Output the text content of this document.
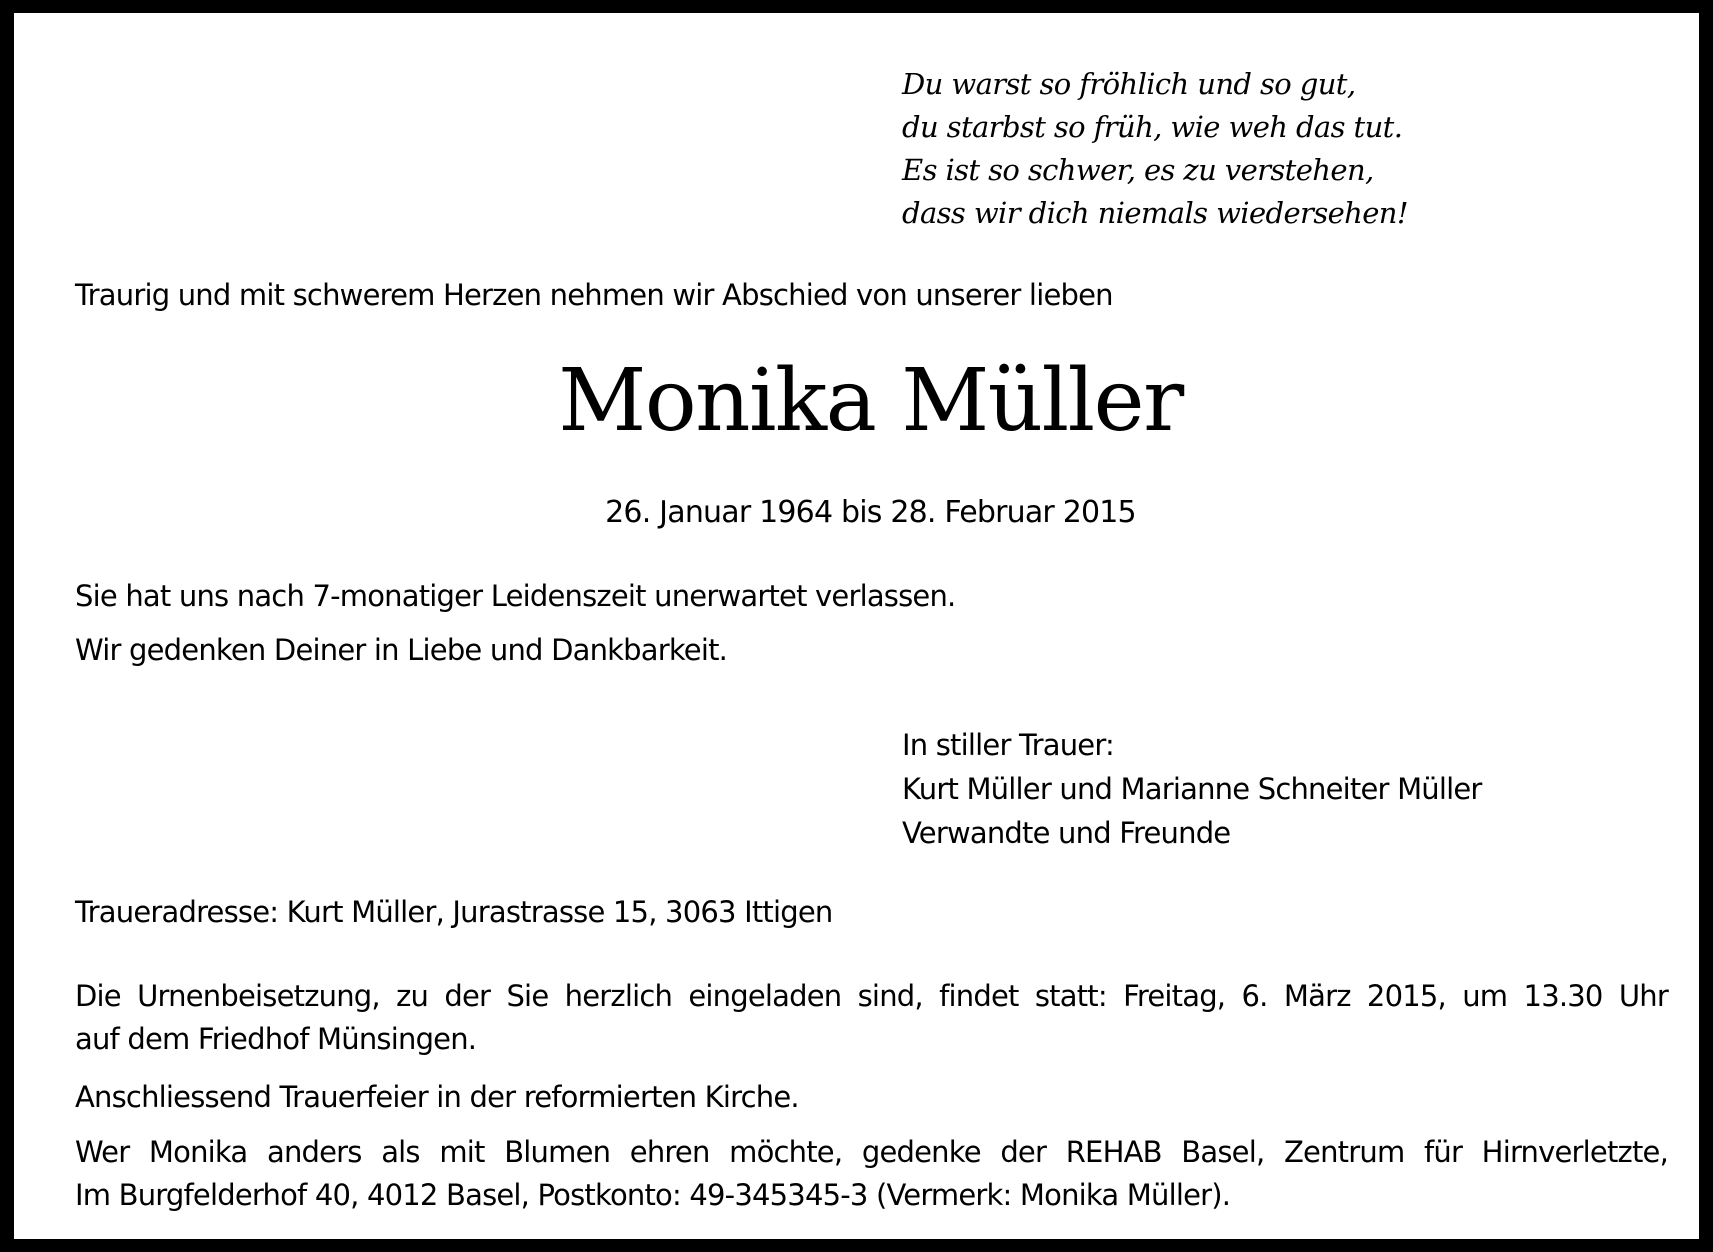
Du warst so fröhlich und so gut,
du starbst so früh, wie weh das tut.
Es ist so schwer, es zu verstehen,
dass wir dich niemals wiedersehen!
Traurig und mit schwerem Herzen nehmen wir Abschied von unserer lieben
Monika Müller
26. Januar 1964 bis 28. Februar 2015
Sie hat uns nach 7-monatiger Leidenszeit unerwartet verlassen.
Wir gedenken Deiner in Liebe und Dankbarkeit.
In stiller Trauer:
Kurt Müller und Marianne Schneiter Müller
Verwandte und Freunde
Traueradresse: Kurt Müller, Jurastrasse 15, 3063 Ittigen
Die Urnenbeisetzung, zu der Sie herzlich eingeladen sind, findet statt: Freitag, 6. März 2015, um 13.30 Uhr
auf dem Friedhof Münsingen.
Anschliessend Trauerfeier in der reformierten Kirche.
Wer Monika anders als mit Blumen ehren möchte, gedenke der REHAB Basel, Zentrum für Hirnverletzte,
Im Burgfelderhof 40, 4012 Basel, Postkonto: 49-345345-3 (Vermerk: Monika Müller).
